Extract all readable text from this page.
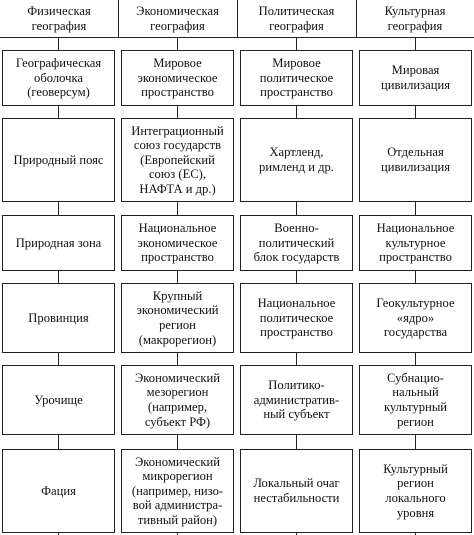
Физическая
география
Экономическая
география
Политическая
география
Культурная
география
Географическая
оболочка
(геоверсум)
Мировое
экономическое
пространство
Мировое
политическое
пространство
Мировая
цивилизация
Природный пояс
Интеграционный
союз государств
(Европейский
союз (ЕС),
НАФТА и др.)
Хартленд,
римленд и др.
Отдельная
цивилизация
Природная зона
Национальное
экономическое
пространство
Военно-
политический
блок государств
Национальное
культурное
пространство
Провинция
Крупный
экономический
регион
(макрорегион)
Национальное
политическое
пространство
Геокультурное
«ядро»
государства
Урочище
Экономический
мезорегион
(например,
субъект РФ)
Политико-
административ-
ный субъект
Субнацио-
нальный
культурный
регион
Фация
Экономический
микрорегион
(например, низо-
вой администра-
тивный район)
Локальный очаг
нестабильности
Культурный
регион
локального
уровня
